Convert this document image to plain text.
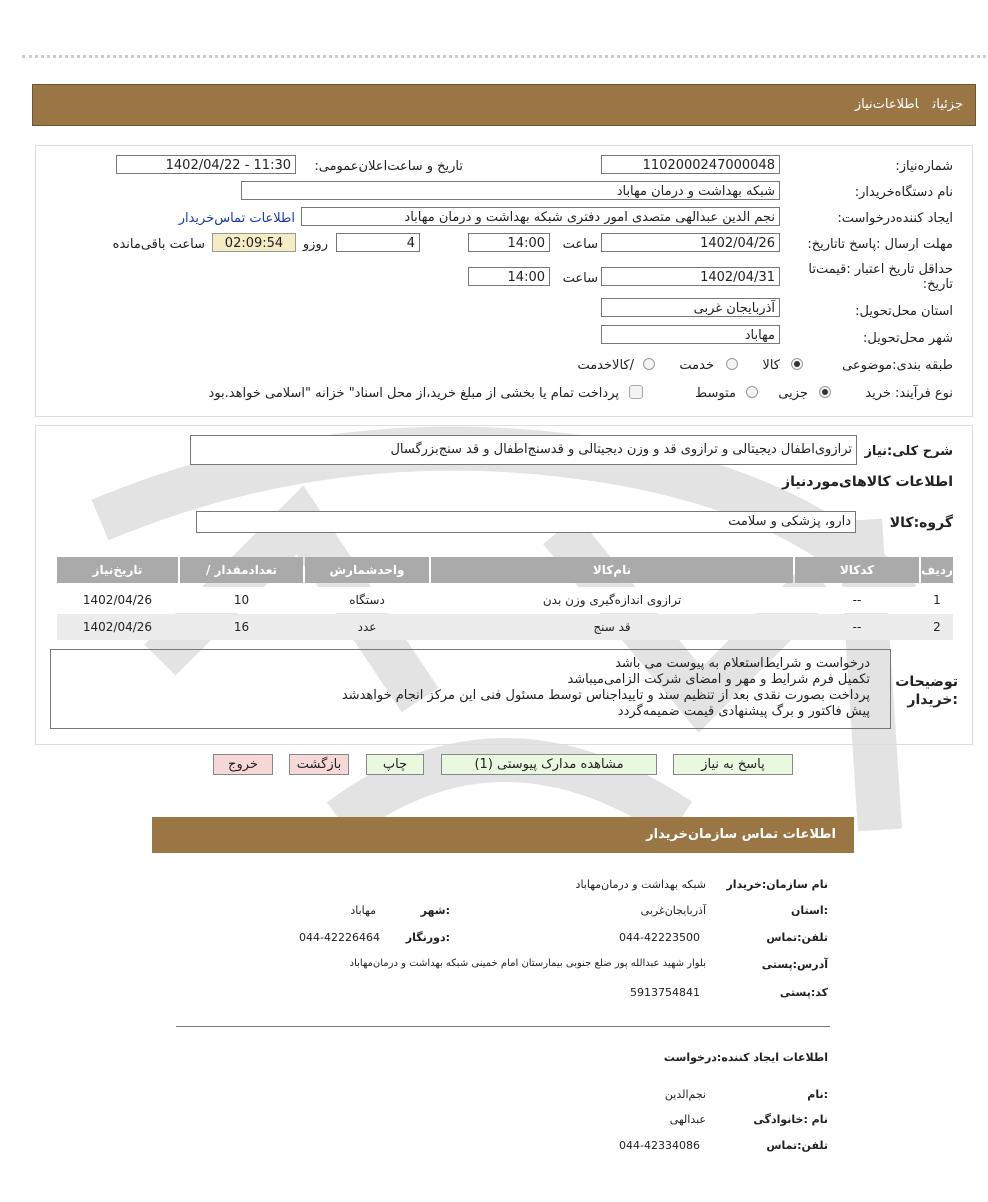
جزئیاتاطلاعات‌نیاز
شماره‌نیاز:
1102000247000048
تاریخ و ساعت‌اعلان‌عمومی:
1402/04/22 - 11:30
نام دستگاه‌خریدار:
شبکه بهداشت و درمان مهاباد
ایجاد کننده‌درخواست:
نجم الدین عبدالهی متصدی امور دفتری شبکه بهداشت و درمان مهاباد
اطلاعات تماس‌خریدار
مهلت ارسال :پاسخ تا‌تاریخ:
1402/04/26
ساعت
14:00
4
روزو
02:09:54
ساعت باقی‌مانده
حداقل تاریخ اعتبار :قیمت‌تا تاریخ:
1402/04/31
ساعت
14:00
استان محل‌تحویل:
آذربایجان غربی
شهر محل‌تحویل:
مهاباد
طبقه بندی‌:موضوعی
کالا
خدمت
/کالاخدمت
نوع فرآیند: خرید
جزیی
متوسط
پرداخت تمام یا بخشی از مبلغ خرید،از محل اسناد" خزانه "اسلامی خواهد.بود
شرح کلی‌:نیاز
ترازوی‌اطفال دیجیتالی و ترازوی قد و وزن دیجیتالی و قدسنج‌اطفال و قد سنج‌بزرگسال
اطلاعات کالاهای‌موردنیاز
گروه‌:کالا
دارو، پزشکی و سلامت
تاریخ‌نیاز	/ تعدادمقدار	واحدشمارش	نام‌کالا	کدکالا	ردیف
1402/04/26	10	دستگاه	ترازوی اندازه‌گیری وزن بدن	--	1
1402/04/26	16	عدد	قد سنج	--	2
توضیحات :خریدار
درخواست و شرایط‌استعلام به پیوست می باشد
تکمیل فرم شرایط و مهر و امضای شرکت الزامی‌میباشد
پرداخت بصورت نقدی بعد از تنظیم سند و تاییداجناس توسط مسئول فنی این مرکز انجام خواهدشد
پیش فاکتور و برگ پیشنهادی قیمت ضمیمه‌گردد
پاسخ به نیاز
مشاهده مدارک پیوستی (1)
چاپ
بازگشت
خروج
اطلاعات تماس سازمان‌خریدار
نام سازمان‌:خریدار
شبکه بهداشت و درمان‌مهاباد
:استان
آذربایجان‌غربی
:شهر
مهاباد
تلفن‌:تماس
044-42223500
:دورنگار
044-42226464
آدرس‌:پستی
بلوار شهید عبدالله پور ضلع جنوبی بیمارستان امام خمینی شبکه بهداشت و درمان‌مهاباد
کد‌:پستی
5913754841
اطلاعات ایجاد کننده‌:درخواست
:نام
نجم‌الدین
نام :خانوادگی
عبدالهی
تلفن‌:تماس
044-42334086
